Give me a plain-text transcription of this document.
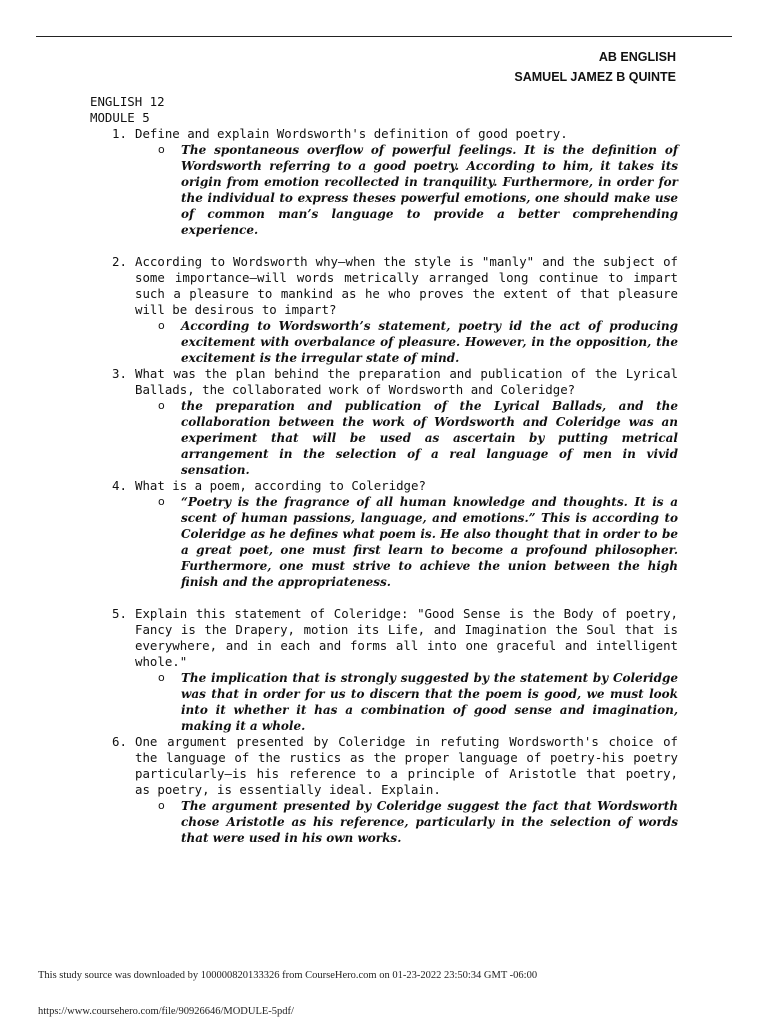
AB ENGLISH
SAMUEL JAMEZ B QUINTE
ENGLISH 12
MODULE 5
1. Define and explain Wordsworth's definition of good poetry.
o The spontaneous overflow of powerful feelings. It is the definition of Wordsworth referring to a good poetry. According to him, it takes its origin from emotion recollected in tranquility. Furthermore, in order for the individual to express theses powerful emotions, one should make use of common man’s language to provide a better comprehending experience.
2. According to Wordsworth why—when the style is "manly" and the subject of some importance—will words metrically arranged long continue to impart such a pleasure to mankind as he who proves the extent of that pleasure will be desirous to impart?
o According to Wordsworth’s statement, poetry id the act of producing excitement with overbalance of pleasure. However, in the opposition, the excitement is the irregular state of mind.
3. What was the plan behind the preparation and publication of the Lyrical Ballads, the collaborated work of Wordsworth and Coleridge?
o the preparation and publication of the Lyrical Ballads, and the collaboration between the work of Wordsworth and Coleridge was an experiment that will be used as ascertain by putting metrical arrangement in the selection of a real language of men in vivid sensation.
4. What is a poem, according to Coleridge?
o “Poetry is the fragrance of all human knowledge and thoughts. It is a scent of human passions, language, and emotions.” This is according to Coleridge as he defines what poem is. He also thought that in order to be a great poet, one must first learn to become a profound philosopher. Furthermore, one must strive to achieve the union between the high finish and the appropriateness.
5. Explain this statement of Coleridge: "Good Sense is the Body of poetry, Fancy is the Drapery, motion its Life, and Imagination the Soul that is everywhere, and in each and forms all into one graceful and intelligent whole."
o The implication that is strongly suggested by the statement by Coleridge was that in order for us to discern that the poem is good, we must look into it whether it has a combination of good sense and imagination, making it a whole.
6. One argument presented by Coleridge in refuting Wordsworth's choice of the language of the rustics as the proper language of poetry-his poetry particularly—is his reference to a principle of Aristotle that poetry, as poetry, is essentially ideal. Explain.
o The argument presented by Coleridge suggest the fact that Wordsworth chose Aristotle as his reference, particularly in the selection of words that were used in his own works.
This study source was downloaded by 100000820133326 from CourseHero.com on 01-23-2022 23:50:34 GMT -06:00
https://www.coursehero.com/file/90926646/MODULE-5pdf/
